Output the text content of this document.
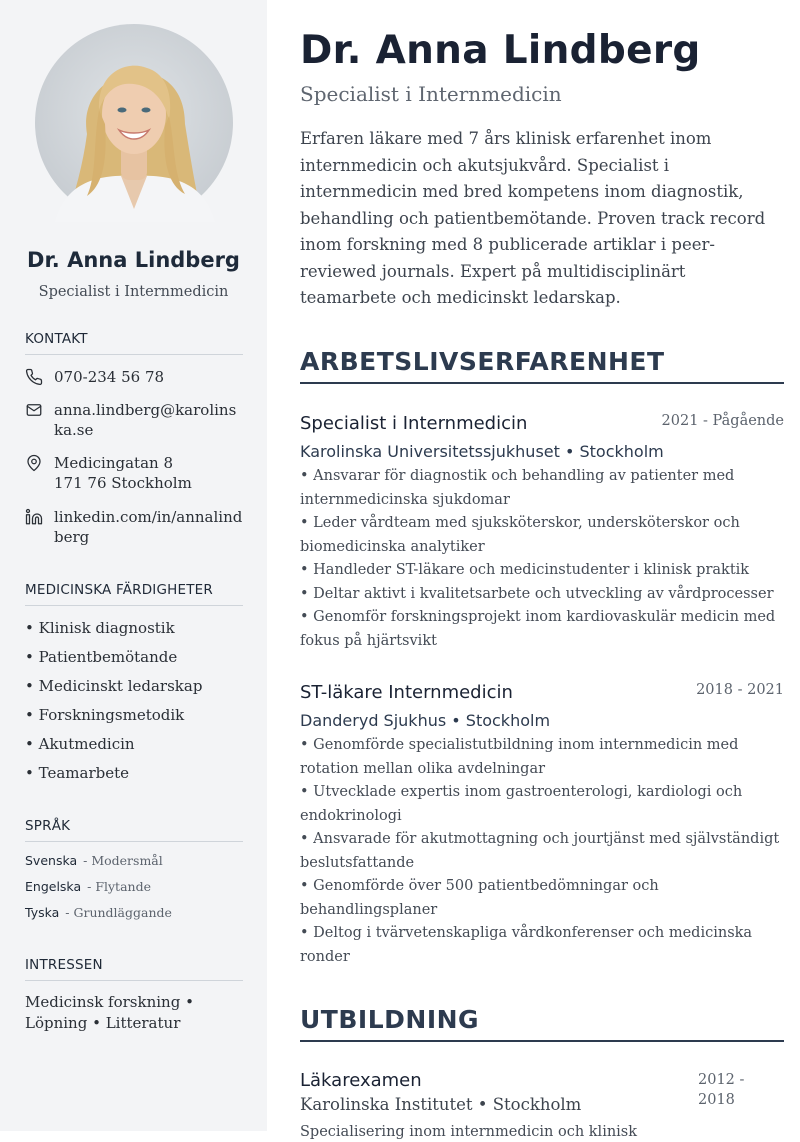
Dr. Anna Lindberg
Specialist i Internmedicin
KONTAKT
070-234 56 78
anna.lindberg@karolinska.se
Medicingatan 8
171 76 Stockholm
linkedin.com/in/annalindberg
MEDICINSKA FÄRDIGHETER
• Klinisk diagnostik
• Patientbemötande
• Medicinskt ledarskap
• Forskningsmetodik
• Akutmedicin
• Teamarbete
SPRÅK
Svenska - Modersmål
Engelska - Flytande
Tyska - Grundläggande
INTRESSEN
Medicinsk forskning • Löpning • Litteratur
Dr. Anna Lindberg
Specialist i Internmedicin
Erfaren läkare med 7 års klinisk erfarenhet inom internmedicin och akutsjukvård. Specialist i internmedicin med bred kompetens inom diagnostik, behandling och patientbemötande. Proven track record inom forskning med 8 publicerade artiklar i peer-reviewed journals. Expert på multidisciplinärt teamarbete och medicinskt ledarskap.
ARBETSLIVSERFARENHET
Specialist i Internmedicin	2021 - Pågående
Karolinska Universitetssjukhuset • Stockholm
• Ansvarar för diagnostik och behandling av patienter med internmedicinska sjukdomar
• Leder vårdteam med sjuksköterskor, undersköterskor och biomedicinska analytiker
• Handleder ST-läkare och medicinstudenter i klinisk praktik
• Deltar aktivt i kvalitetsarbete och utveckling av vårdprocesser
• Genomför forskningsprojekt inom kardiovaskulär medicin med fokus på hjärtsvikt
ST-läkare Internmedicin	2018 - 2021
Danderyd Sjukhus • Stockholm
• Genomförde specialistutbildning inom internmedicin med rotation mellan olika avdelningar
• Utvecklade expertis inom gastroenterologi, kardiologi och endokrinologi
• Ansvarade för akutmottagning och jourtjänst med självständigt beslutsfattande
• Genomförde över 500 patientbedömningar och behandlingsplaner
• Deltog i tvärvetenskapliga vårdkonferenser och medicinska ronder
UTBILDNING
Läkarexamen	2012 - 2018
Karolinska Institutet • Stockholm
Specialisering inom internmedicin och klinisk
